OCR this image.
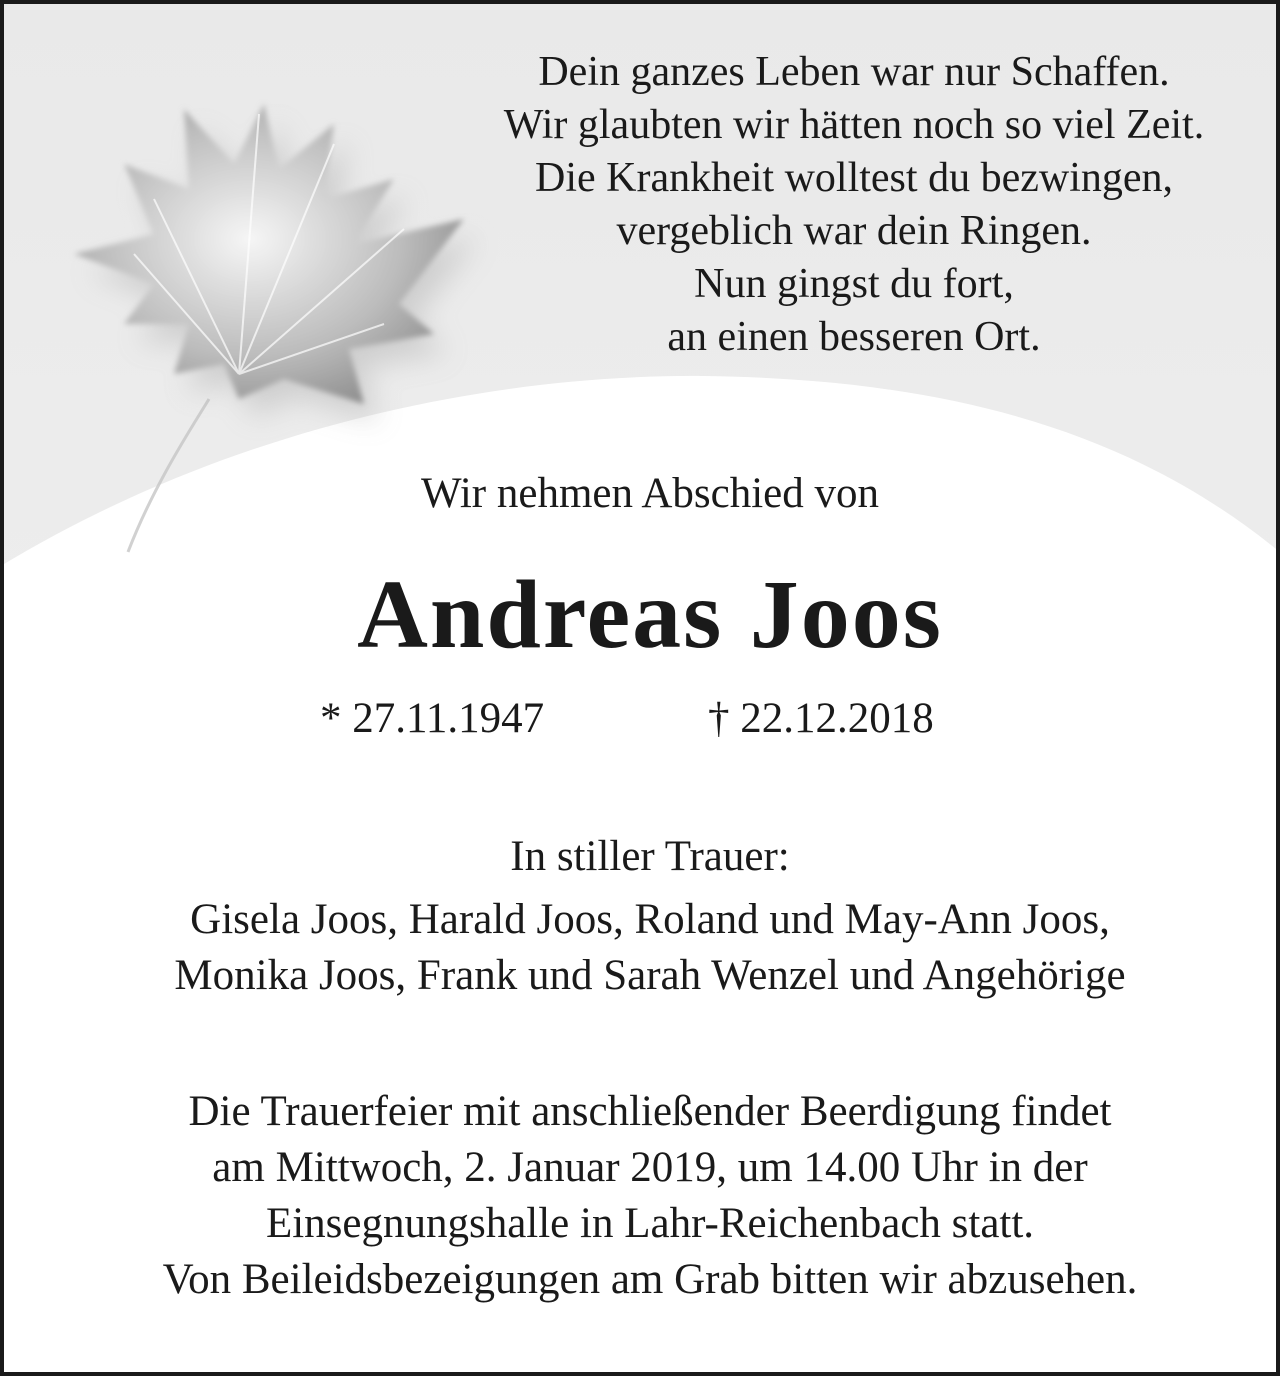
Dein ganzes Leben war nur Schaffen.
Wir glaubten wir hätten noch so viel Zeit.
Die Krankheit wolltest du bezwingen,
vergeblich war dein Ringen.
Nun gingst du fort,
an einen besseren Ort.
Wir nehmen Abschied von
Andreas Joos
* 27.11.1947	† 22.12.2018
In stiller Trauer:
Gisela Joos, Harald Joos, Roland und May-Ann Joos,
Monika Joos, Frank und Sarah Wenzel und Angehörige
Die Trauerfeier mit anschließender Beerdigung findet
am Mittwoch, 2. Januar 2019, um 14.00 Uhr in der
Einsegnungshalle in Lahr-Reichenbach statt.
Von Beileidsbezeigungen am Grab bitten wir abzusehen.
